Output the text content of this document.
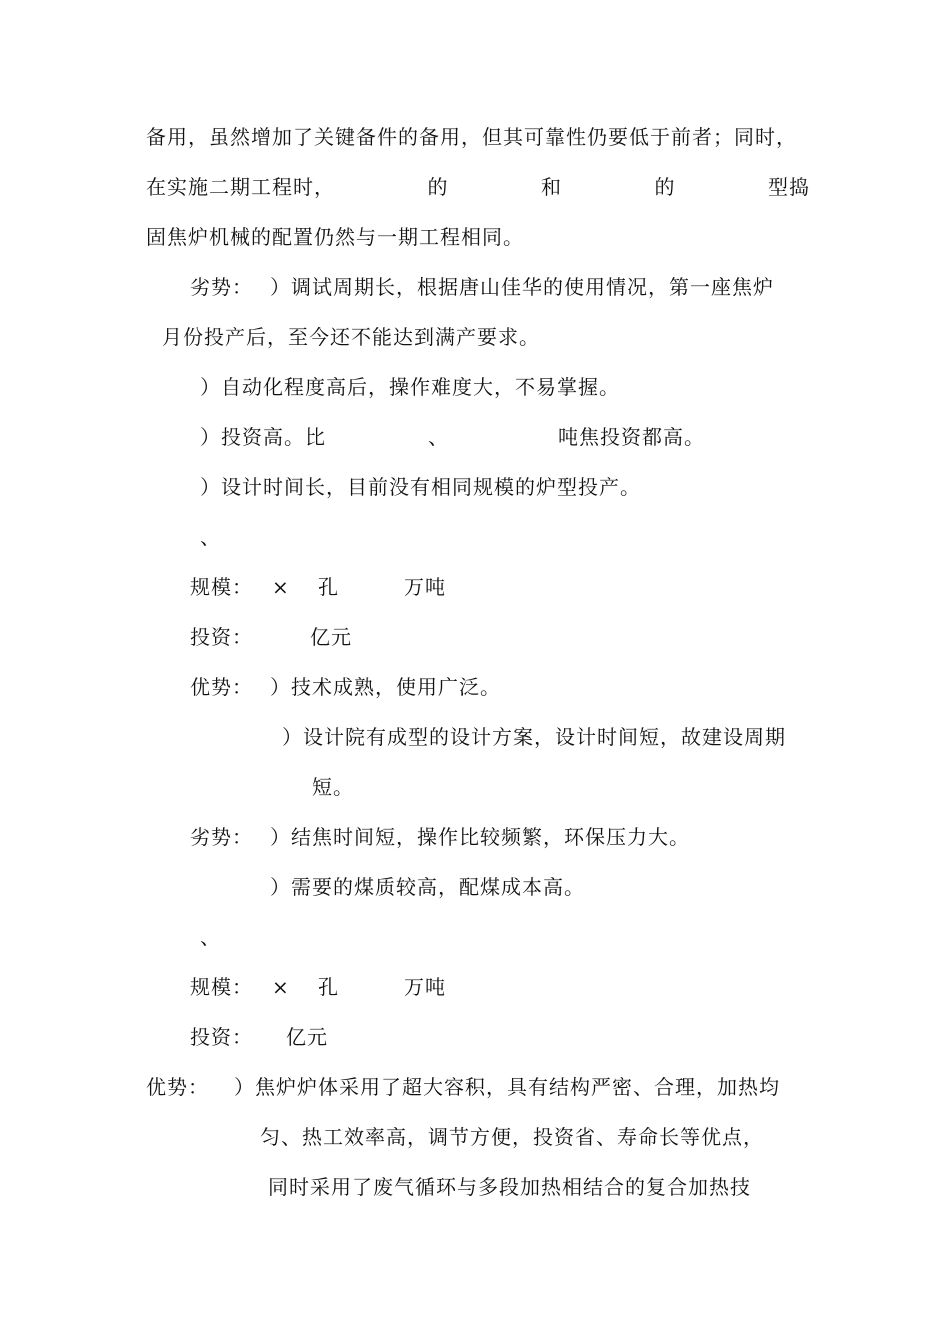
备用，虽然增加了关键备件的备用，但其可靠性仍要低于前者；同时，
在实施二期工程时，	的	和	的	型捣
固焦炉机械的配置仍然与一期工程相同。
劣势： ）调试周期长，根据唐山佳华的使用情况，第一座焦炉
月份投产后，至今还不能达到满产要求。
）自动化程度高后，操作难度大，不易掌握。
）投资高。比	、	吨焦投资都高。
）设计时间长，目前没有相同规模的炉型投产。
、
规模： × 孔	万吨
投资：	亿元
优势： ）技术成熟，使用广泛。
）设计院有成型的设计方案，设计时间短，故建设周期
短。
劣势： ）结焦时间短，操作比较频繁，环保压力大。
）需要的煤质较高，配煤成本高。
、
规模： × 孔	万吨
投资： 亿元
优势： ）焦炉炉体采用了超大容积，具有结构严密、合理，加热均
匀、热工效率高，调节方便，投资省、寿命长等优点，
同时采用了废气循环与多段加热相结合的复合加热技
